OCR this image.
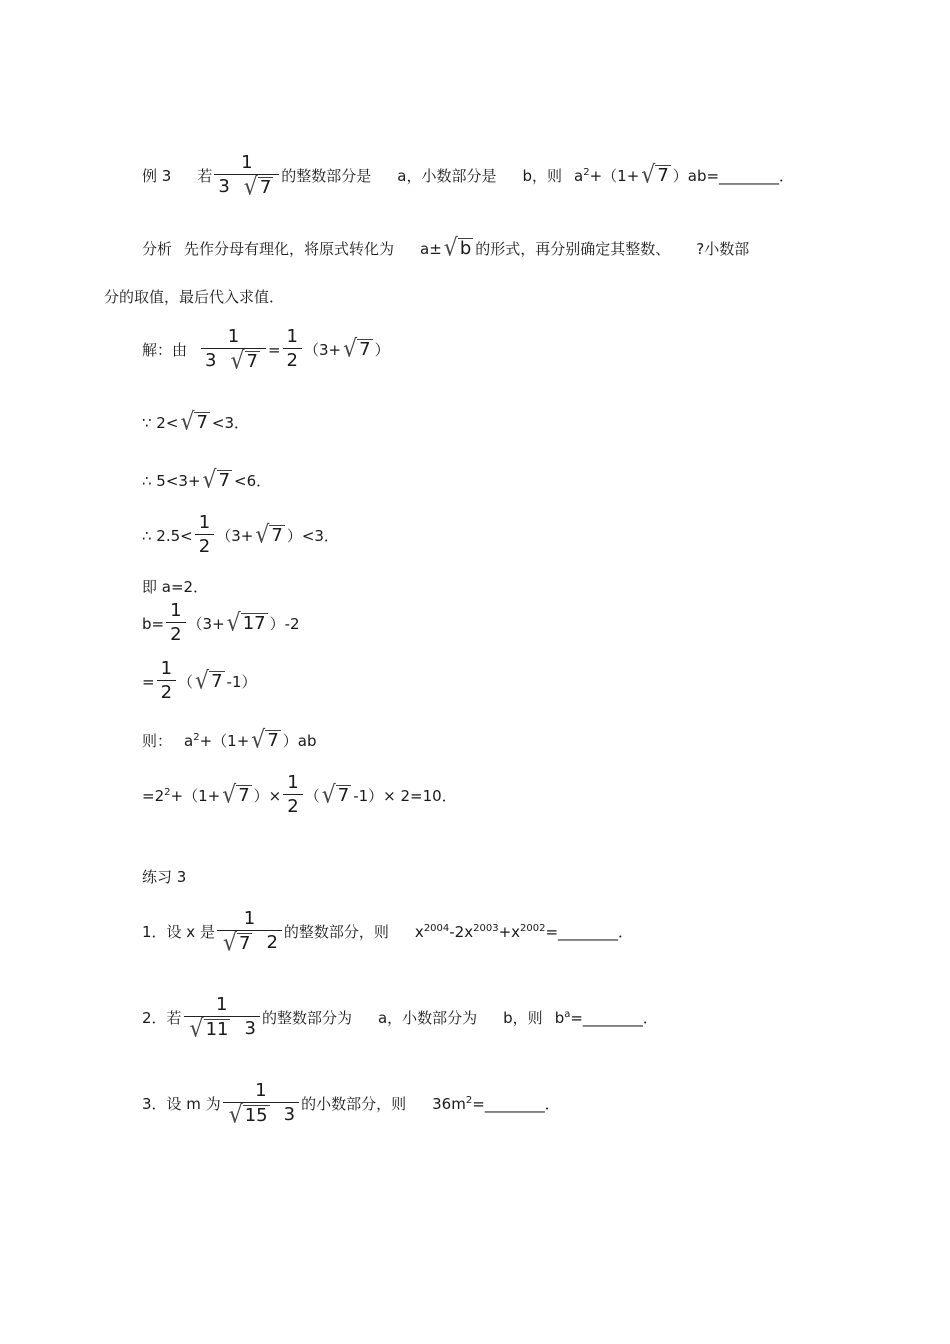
例 3 若 $\frac{1}{3 √ 7}$ 的整数部分是 a，小数部分是 b，则 $a^2 +(1+$ √ 7 ）ab=________．
分析 先作分母有理化，将原式转化为 a± √ b 的形式，再分别确定其整数、 ?小数部
分的取值，最后代入求值．
解：由 $\frac{1}{3 √ 7} = \frac{1}{2} (3+$ √ 7 ）
∵ 2< √ 7 <3．
∴ 5<3+ √ 7 <6．
∴ $2.5< \frac{1}{2} (3+$ √ 7 ）<3．
即 a=2．
$b= \frac{1}{2} (3+$ √ 17 ）-2
= $\frac{1}{2}$ （ √ 7 -1）
则： $a^2 +(1+$ √ 7 ）ab
$=2^2 +(1+$ √ 7 ）× $\frac{1}{2}$ （ √ 7 -1）× 2=10．
练习 3
1．设 x 是 $\frac{1}{√ 7 2}$ 的整数部分，则 $x^{2004}-2x^{2003}+x^{2002}=\_\_\_\_\_\_\_\_$．
2．若 $\frac{1}{√ 11 3}$ 的整数部分为 a，小数部分为 b，则 $b^a=\_\_\_\_\_\_\_\_$．
3．设 m 为 $\frac{1}{√ 15 3}$ 的小数部分，则 $36m^2=\_\_\_\_\_\_\_\_$．
